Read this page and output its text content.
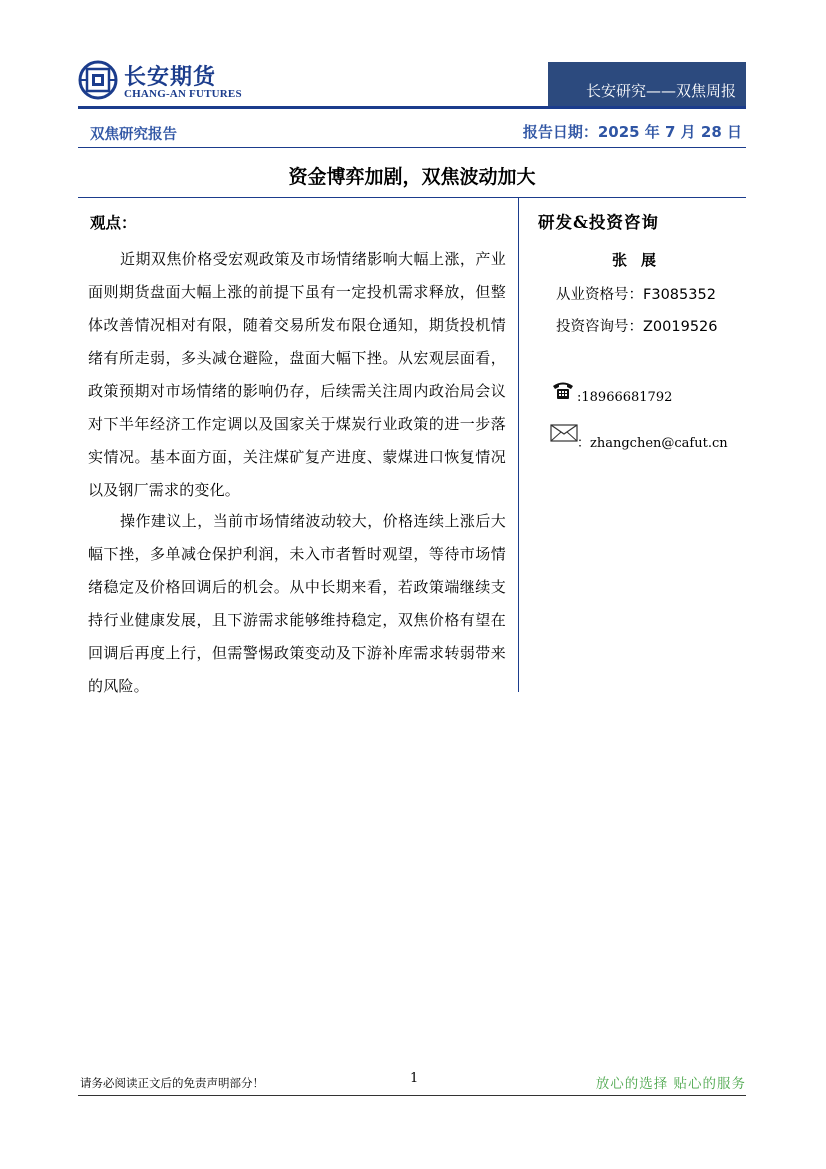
长安期货
CHANG-AN FUTURES	长安研究——双焦周报
双焦研究报告	报告日期：2025 年 7 月 28 日
资金博弈加剧，双焦波动加大
观点：
近期双焦价格受宏观政策及市场情绪影响大幅上涨，产业面则期货盘面大幅上涨的前提下虽有一定投机需求释放，但整体改善情况相对有限，随着交易所发布限仓通知，期货投机情绪有所走弱，多头减仓避险，盘面大幅下挫。从宏观层面看，政策预期对市场情绪的影响仍存，后续需关注周内政治局会议对下半年经济工作定调以及国家关于煤炭行业政策的进一步落实情况。基本面方面，关注煤矿复产进度、蒙煤进口恢复情况以及钢厂需求的变化。
操作建议上，当前市场情绪波动较大，价格连续上涨后大幅下挫，多单减仓保护利润，未入市者暂时观望，等待市场情绪稳定及价格回调后的机会。从中长期来看，若政策端继续支持行业健康发展，且下游需求能够维持稳定，双焦价格有望在回调后再度上行，但需警惕政策变动及下游补库需求转弱带来的风险。
研发&投资咨询
张展
从业资格号：F3085352
投资咨询号：Z0019526
:18966681792
：zhangchen@cafut.cn
请务必阅读正文后的免责声明部分！	1	放心的选择 贴心的服务
